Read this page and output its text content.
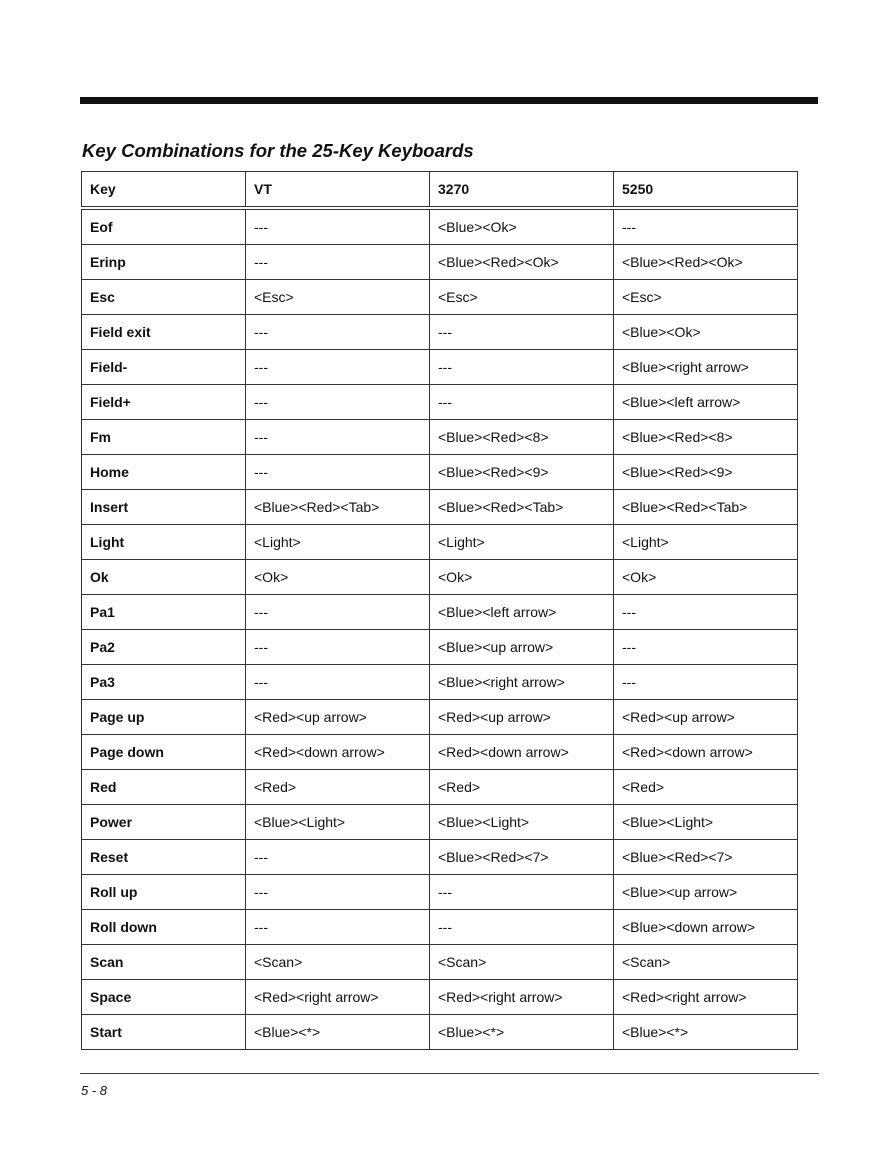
Key Combinations for the 25-Key Keyboards
Key	VT	3270	5250
Eof	---	<Blue><Ok>	---
Erinp	---	<Blue><Red><Ok>	<Blue><Red><Ok>
Esc	<Esc>	<Esc>	<Esc>
Field exit	---	---	<Blue><Ok>
Field-	---	---	<Blue><right arrow>
Field+	---	---	<Blue><left arrow>
Fm	---	<Blue><Red><8>	<Blue><Red><8>
Home	---	<Blue><Red><9>	<Blue><Red><9>
Insert	<Blue><Red><Tab>	<Blue><Red><Tab>	<Blue><Red><Tab>
Light	<Light>	<Light>	<Light>
Ok	<Ok>	<Ok>	<Ok>
Pa1	---	<Blue><left arrow>	---
Pa2	---	<Blue><up arrow>	---
Pa3	---	<Blue><right arrow>	---
Page up	<Red><up arrow>	<Red><up arrow>	<Red><up arrow>
Page down	<Red><down arrow>	<Red><down arrow>	<Red><down arrow>
Red	<Red>	<Red>	<Red>
Power	<Blue><Light>	<Blue><Light>	<Blue><Light>
Reset	---	<Blue><Red><7>	<Blue><Red><7>
Roll up	---	---	<Blue><up arrow>
Roll down	---	---	<Blue><down arrow>
Scan	<Scan>	<Scan>	<Scan>
Space	<Red><right arrow>	<Red><right arrow>	<Red><right arrow>
Start	<Blue><*>	<Blue><*>	<Blue><*>
5 - 8
